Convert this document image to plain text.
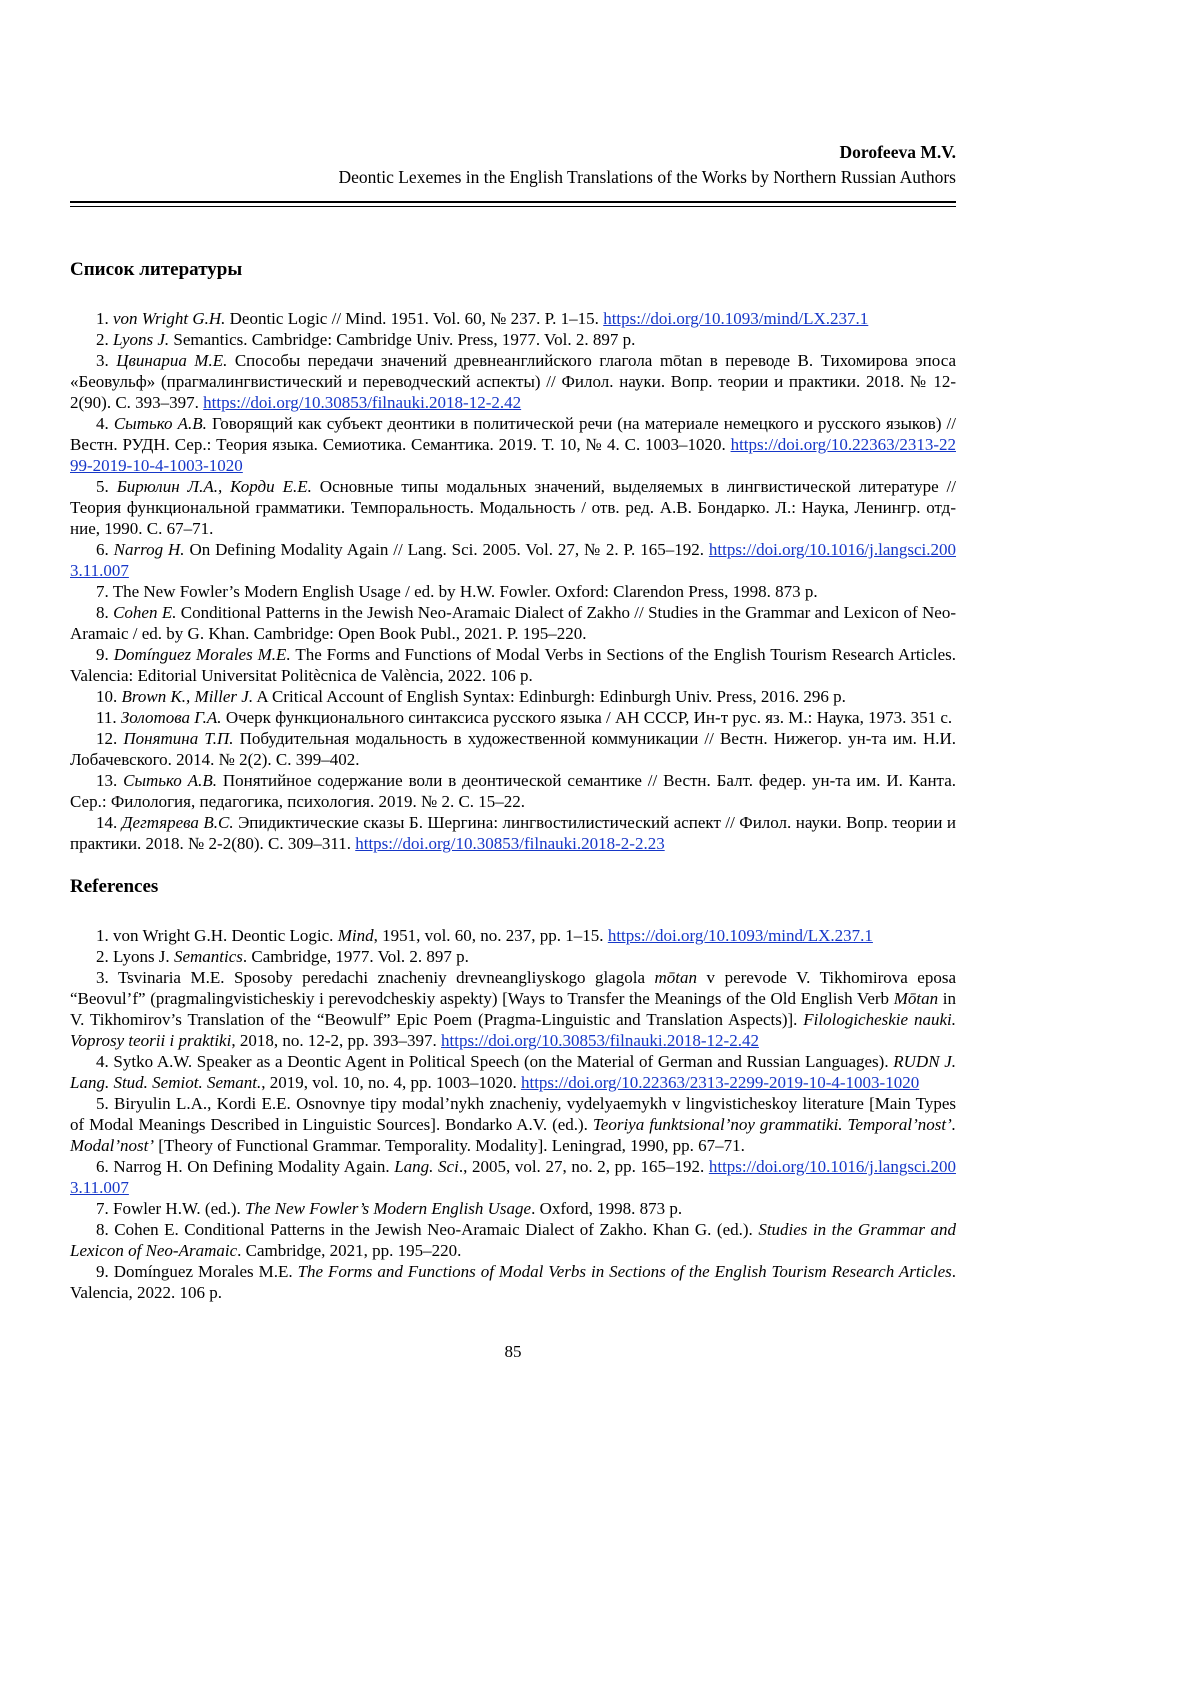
Dorofeeva M.V.
Deontic Lexemes in the English Translations of the Works by Northern Russian Authors
Список литературы

1. von Wright G.H. Deontic Logic // Mind. 1951. Vol. 60, № 237. P. 1–15. https://doi.org/10.1093/mind/LX.237.1

2. Lyons J. Semantics. Cambridge: Cambridge Univ. Press, 1977. Vol. 2. 897 p.

3. Цвинариа М.Е. Способы передачи значений древнеанглийского глагола mōtan в переводе В. Тихомирова эпоса «Беовульф» (прагмалингвистический и переводческий аспекты) // Филол. науки. Вопр. теории и практики. 2018. № 12-2(90). С. 393–397. https://doi.org/10.30853/filnauki.2018-12-2.42

4. Сытько А.В. Говорящий как субъект деонтики в политической речи (на материале немецкого и русского языков) // Вестн. РУДН. Сер.: Теория языка. Семиотика. Семантика. 2019. Т. 10, № 4. С. 1003–1020. https://doi.org/10.22363/2313-2299-2019-10-4-1003-1020

5. Бирюлин Л.А., Корди Е.Е. Основные типы модальных значений, выделяемых в лингвистической литературе // Теория функциональной грамматики. Темпоральность. Модальность / отв. ред. А.В. Бондарко. Л.: Наука, Ленингр. отд-ние, 1990. С. 67–71.

6. Narrog H. On Defining Modality Again // Lang. Sci. 2005. Vol. 27, № 2. P. 165–192. https://doi.org/10.1016/j.langsci.2003.11.007

7. The New Fowler’s Modern English Usage / ed. by H.W. Fowler. Oxford: Clarendon Press, 1998. 873 p.

8. Cohen E. Conditional Patterns in the Jewish Neo-Aramaic Dialect of Zakho // Studies in the Grammar and Lexicon of Neo-Aramaic / ed. by G. Khan. Cambridge: Open Book Publ., 2021. P. 195–220.

9. Domínguez Morales M.E. The Forms and Functions of Modal Verbs in Sections of the English Tourism Research Articles. Valencia: Editorial Universitat Politècnica de València, 2022. 106 p.

10. Brown K., Miller J. A Critical Account of English Syntax: Edinburgh: Edinburgh Univ. Press, 2016. 296 p.

11. Золотова Г.А. Очерк функционального синтаксиса русского языка / АН СССР, Ин-т рус. яз. М.: Наука, 1973. 351 с.

12. Понятина Т.П. Побудительная модальность в художественной коммуникации // Вестн. Нижегор. ун-та им. Н.И. Лобачевского. 2014. № 2(2). С. 399–402.

13. Сытько А.В. Понятийное содержание воли в деонтической семантике // Вестн. Балт. федер. ун-та им. И. Канта. Сер.: Филология, педагогика, психология. 2019. № 2. С. 15–22.

14. Дегтярева В.С. Эпидиктические сказы Б. Шергина: лингвостилистический аспект // Филол. науки. Вопр. теории и практики. 2018. № 2-2(80). С. 309–311. https://doi.org/10.30853/filnauki.2018-2-2.23

References

1. von Wright G.H. Deontic Logic. Mind, 1951, vol. 60, no. 237, pp. 1–15. https://doi.org/10.1093/mind/LX.237.1

2. Lyons J. Semantics. Cambridge, 1977. Vol. 2. 897 p.

3. Tsvinaria M.E. Sposoby peredachi znacheniy drevneangliyskogo glagola mōtan v perevode V. Tikhomirova eposa “Beovul’f” (pragmalingvisticheskiy i perevodcheskiy aspekty) [Ways to Transfer the Meanings of the Old English Verb Mōtan in V. Tikhomirov’s Translation of the “Beowulf” Epic Poem (Pragma-Linguistic and Translation Aspects)]. Filologicheskie nauki. Voprosy teorii i praktiki, 2018, no. 12-2, pp. 393–397. https://doi.org/10.30853/filnauki.2018-12-2.42

4. Sytko A.W. Speaker as a Deontic Agent in Political Speech (on the Material of German and Russian Languages). RUDN J. Lang. Stud. Semiot. Semant., 2019, vol. 10, no. 4, pp. 1003–1020. https://doi.org/10.22363/2313-2299-2019-10-4-1003-1020

5. Biryulin L.A., Kordi E.E. Osnovnye tipy modal’nykh znacheniy, vydelyaemykh v lingvisticheskoy literature [Main Types of Modal Meanings Described in Linguistic Sources]. Bondarko A.V. (ed.). Teoriya funktsional’noy grammatiki. Temporal’nost’. Modal’nost’ [Theory of Functional Grammar. Temporality. Modality]. Leningrad, 1990, pp. 67–71.

6. Narrog H. On Defining Modality Again. Lang. Sci., 2005, vol. 27, no. 2, pp. 165–192. https://doi.org/10.1016/j.langsci.2003.11.007

7. Fowler H.W. (ed.). The New Fowler’s Modern English Usage. Oxford, 1998. 873 p.

8. Cohen E. Conditional Patterns in the Jewish Neo-Aramaic Dialect of Zakho. Khan G. (ed.). Studies in the Grammar and Lexicon of Neo-Aramaic. Cambridge, 2021, pp. 195–220.

9. Domínguez Morales M.E. The Forms and Functions of Modal Verbs in Sections of the English Tourism Research Articles. Valencia, 2022. 106 p.

85
